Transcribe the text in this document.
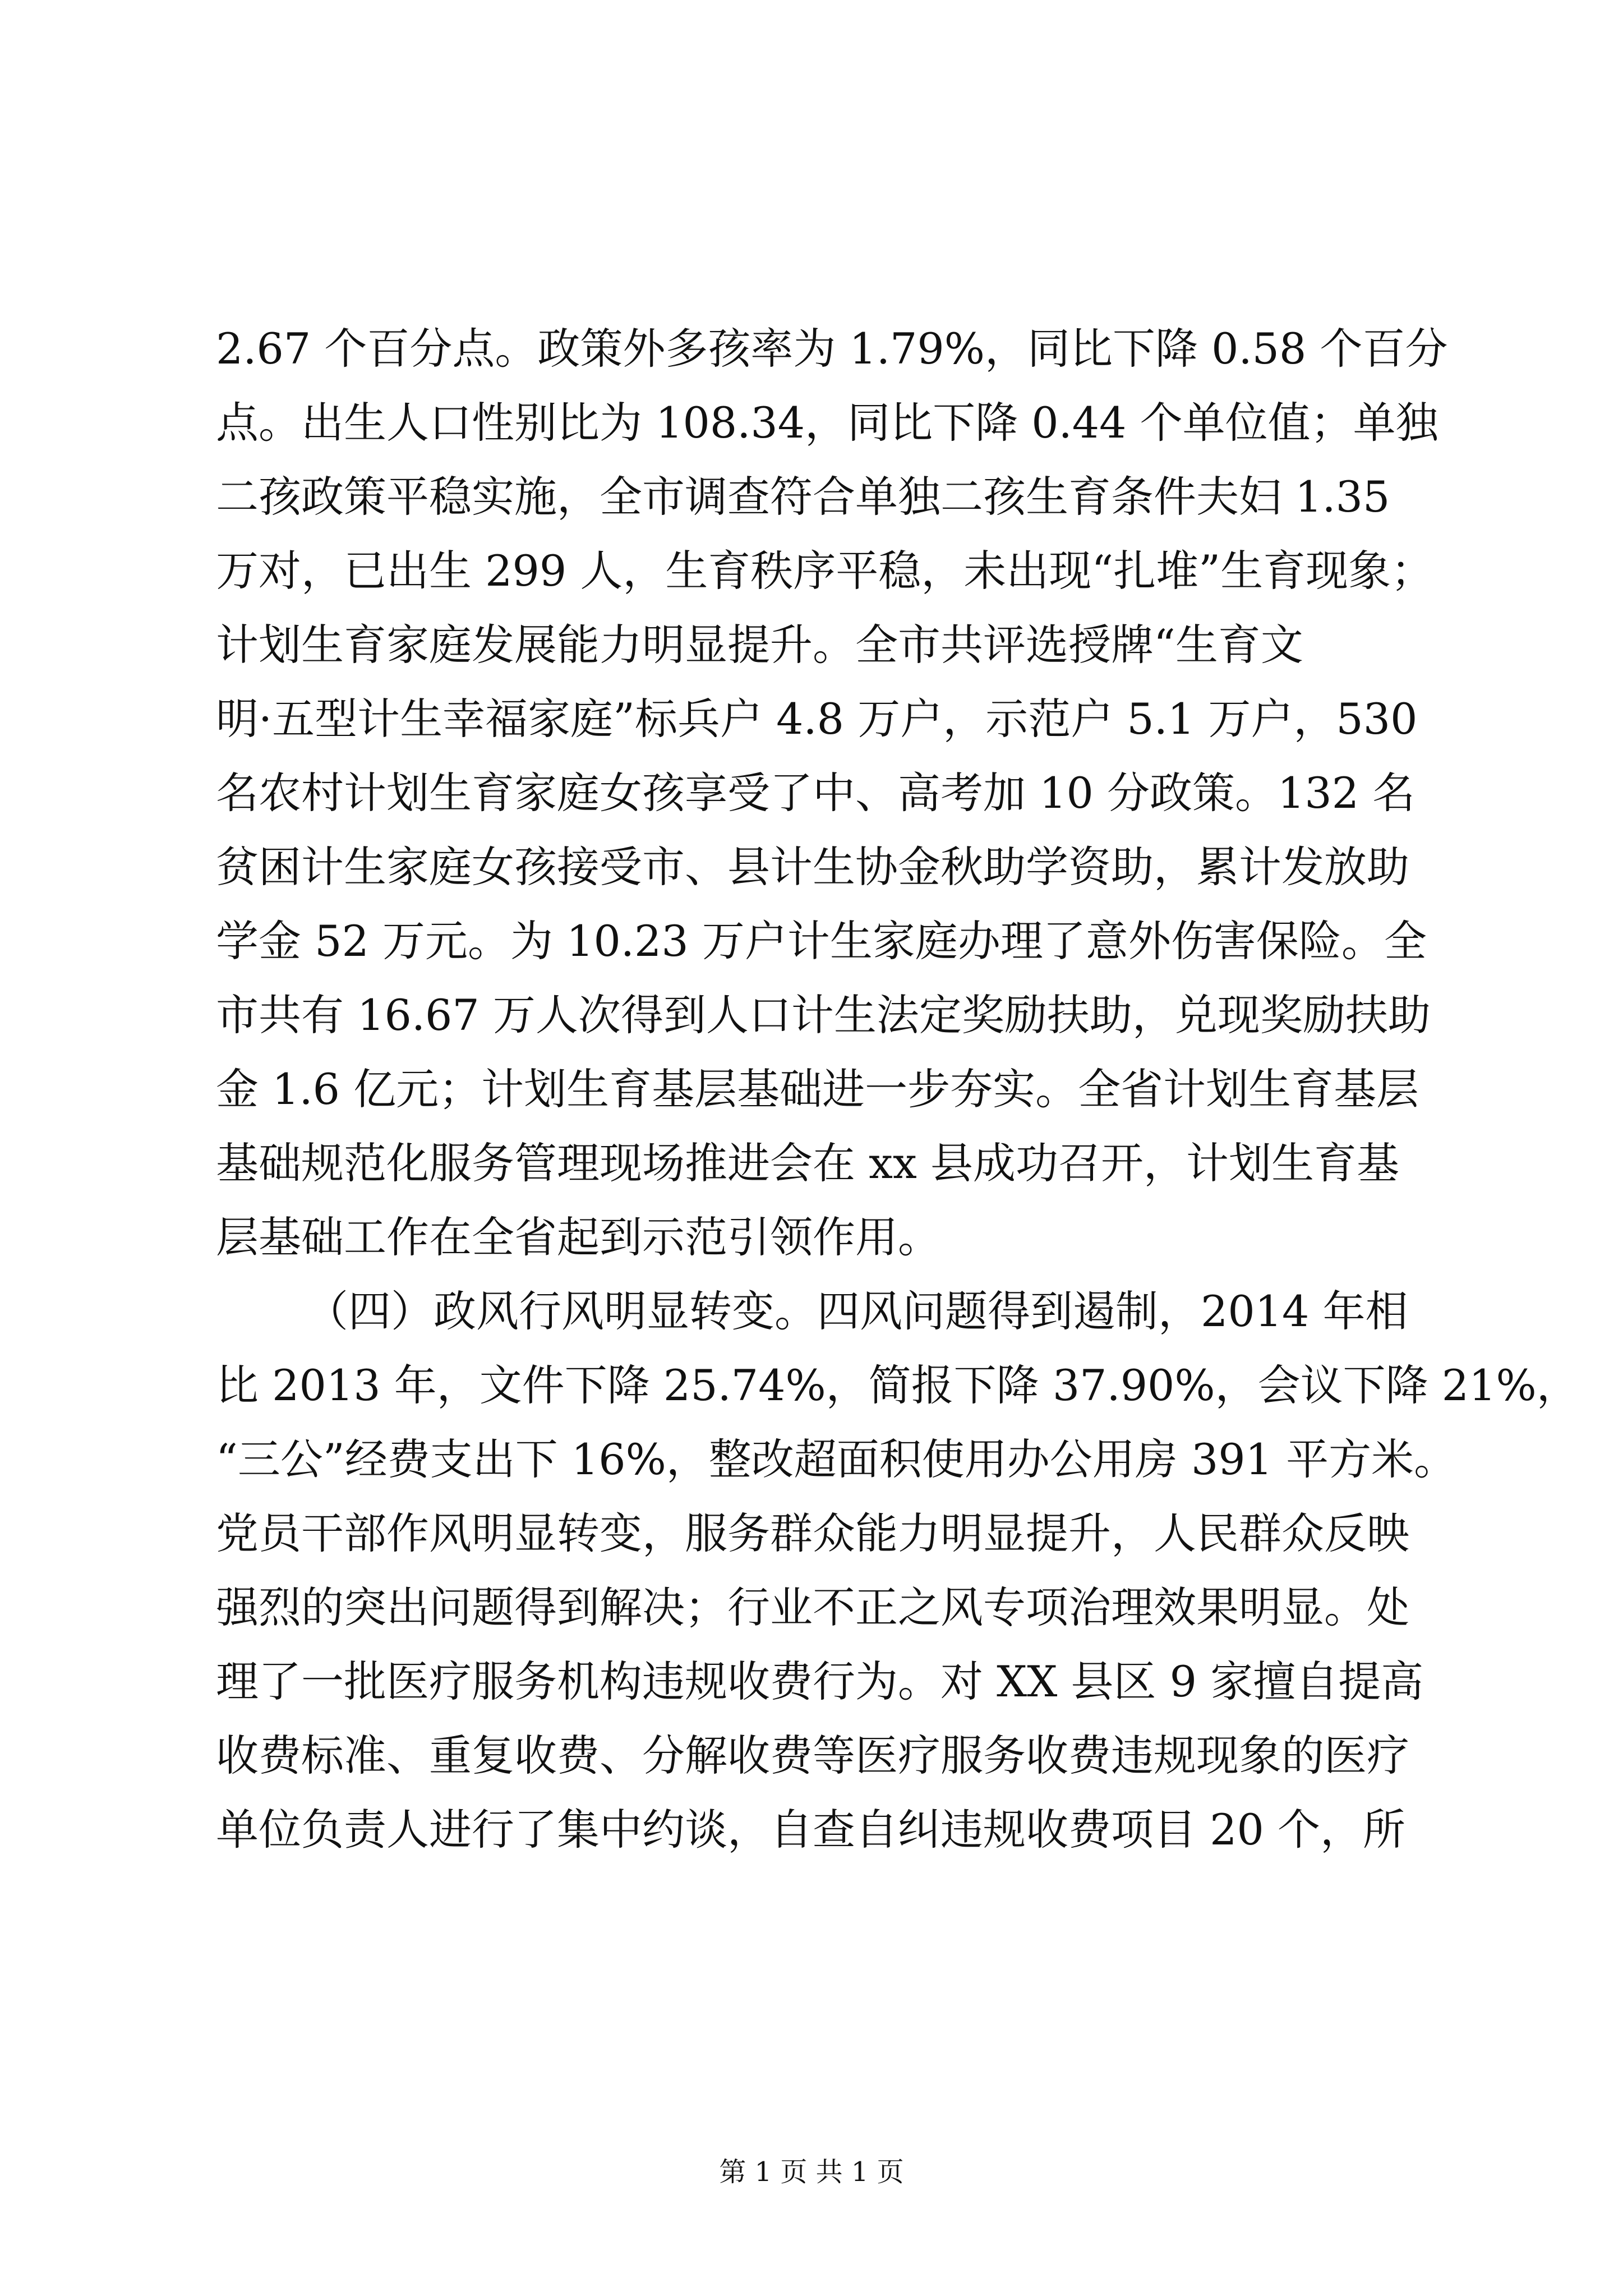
2.67 个百分点。政策外多孩率为 1.79%，同比下降 0.58 个百分
点。出生人口性别比为 108.34，同比下降 0.44 个单位值；单独
二孩政策平稳实施，全市调查符合单独二孩生育条件夫妇 1.35
万对，已出生 299 人，生育秩序平稳，未出现“扎堆”生育现象；
计划生育家庭发展能力明显提升。全市共评选授牌“生育文
明·五型计生幸福家庭”标兵户 4.8 万户，示范户 5.1 万户，530
名农村计划生育家庭女孩享受了中、高考加 10 分政策。132 名
贫困计生家庭女孩接受市、县计生协金秋助学资助，累计发放助
学金 52 万元。为 10.23 万户计生家庭办理了意外伤害保险。全
市共有 16.67 万人次得到人口计生法定奖励扶助，兑现奖励扶助
金 1.6 亿元；计划生育基层基础进一步夯实。全省计划生育基层
基础规范化服务管理现场推进会在 xx 县成功召开，计划生育基
层基础工作在全省起到示范引领作用。
（四）政风行风明显转变。四风问题得到遏制，2014 年相
比 2013 年，文件下降 25.74%，简报下降 37.90%，会议下降 21%，
“三公”经费支出下 16%，整改超面积使用办公用房 391 平方米。
党员干部作风明显转变，服务群众能力明显提升，人民群众反映
强烈的突出问题得到解决；行业不正之风专项治理效果明显。处
理了一批医疗服务机构违规收费行为。对 XX 县区 9 家擅自提高
收费标准、重复收费、分解收费等医疗服务收费违规现象的医疗
单位负责人进行了集中约谈，自查自纠违规收费项目 20 个，所
第 1 页 共 1 页
